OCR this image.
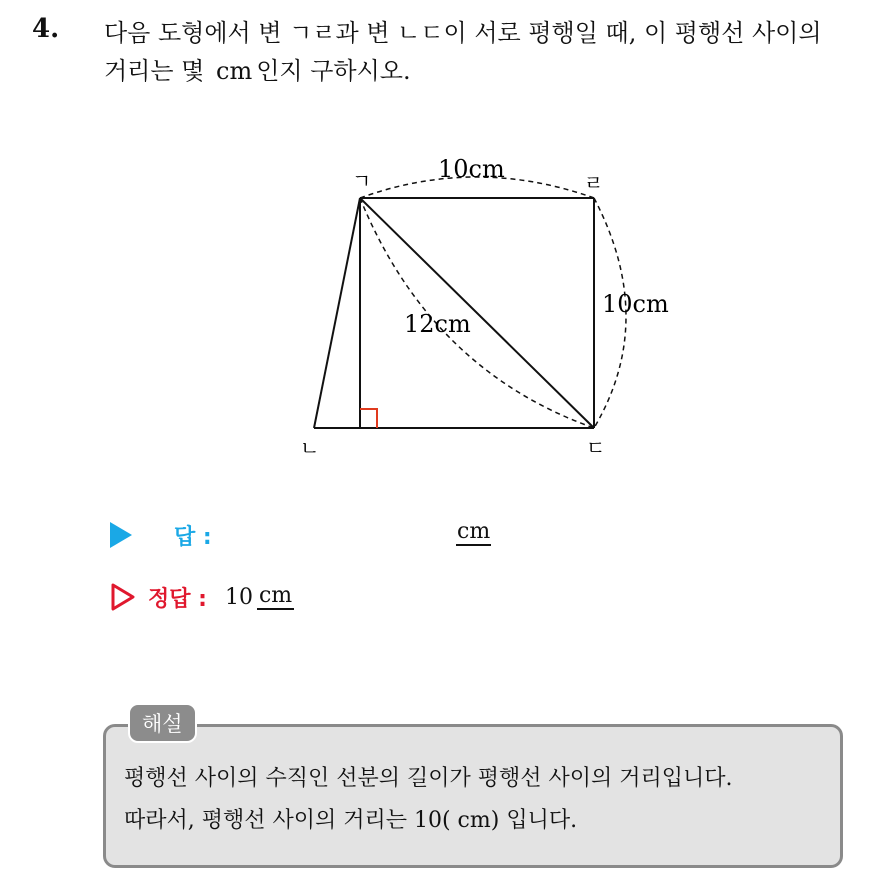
4. 다음 도형에서 변 ㄱㄹ과 변 ㄴㄷ이 서로 평행일 때, 이 평행선 사이의
거리는 몇 cm 인지 구하시오.
ㄱ	ㄹ
ㄴ	ㄷ
10cm
10cm
12cm
답 :	cm
정답 : 10 cm
해설
평행선 사이의 수직인 선분의 길이가 평행선 사이의 거리입니다.
따라서, 평행선 사이의 거리는 10( cm) 입니다.
